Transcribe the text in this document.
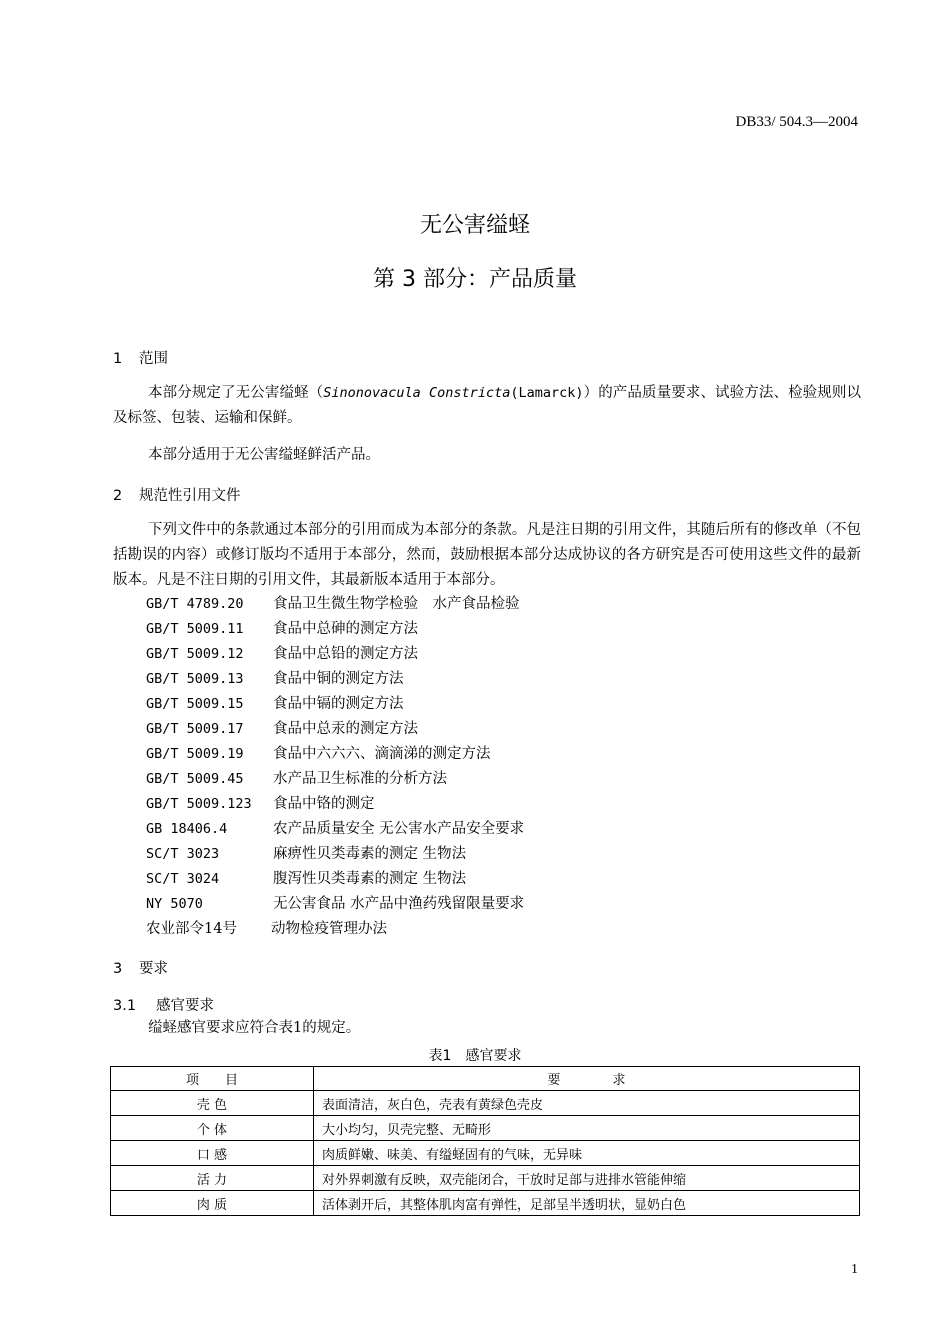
DB33/ 504.3—2004
无公害缢蛏
第 3 部分：产品质量
1 范围
本部分规定了无公害缢蛏（Sinonovacula Constricta(Lamarck)）的产品质量要求、试验方法、检验规则以及标签、包装、运输和保鲜。
本部分适用于无公害缢蛏鲜活产品。
2 规范性引用文件
下列文件中的条款通过本部分的引用而成为本部分的条款。凡是注日期的引用文件，其随后所有的修改单（不包括勘误的内容）或修订版均不适用于本部分，然而，鼓励根据本部分达成协议的各方研究是否可使用这些文件的最新版本。凡是不注日期的引用文件，其最新版本适用于本部分。
GB/T 4789.20 食品卫生微生物学检验　水产食品检验
GB/T 5009.11 食品中总砷的测定方法
GB/T 5009.12 食品中总铅的测定方法
GB/T 5009.13 食品中铜的测定方法
GB/T 5009.15 食品中镉的测定方法
GB/T 5009.17 食品中总汞的测定方法
GB/T 5009.19 食品中六六六、滴滴涕的测定方法
GB/T 5009.45 水产品卫生标准的分析方法
GB/T 5009.123 食品中铬的测定
GB 18406.4	农产品质量安全 无公害水产品安全要求
SC/T 3023	麻痹性贝类毒素的测定 生物法
SC/T 3024	腹泻性贝类毒素的测定 生物法
NY 5070	无公害食品 水产品中渔药残留限量要求
农业部令14号 动物检疫管理办法
3 要求
3.1 感官要求
缢蛏感官要求应符合表1的规定。
表1　感官要求
项　　目	要　　　　求
壳 色	表面清洁，灰白色，壳表有黄绿色壳皮
个 体	大小均匀，贝壳完整、无畸形
口 感	肉质鲜嫩、味美、有缢蛏固有的气味，无异味
活 力	对外界刺激有反映，双壳能闭合，干放时足部与进排水管能伸缩
肉 质	活体剥开后，其整体肌肉富有弹性，足部呈半透明状，显奶白色
1
